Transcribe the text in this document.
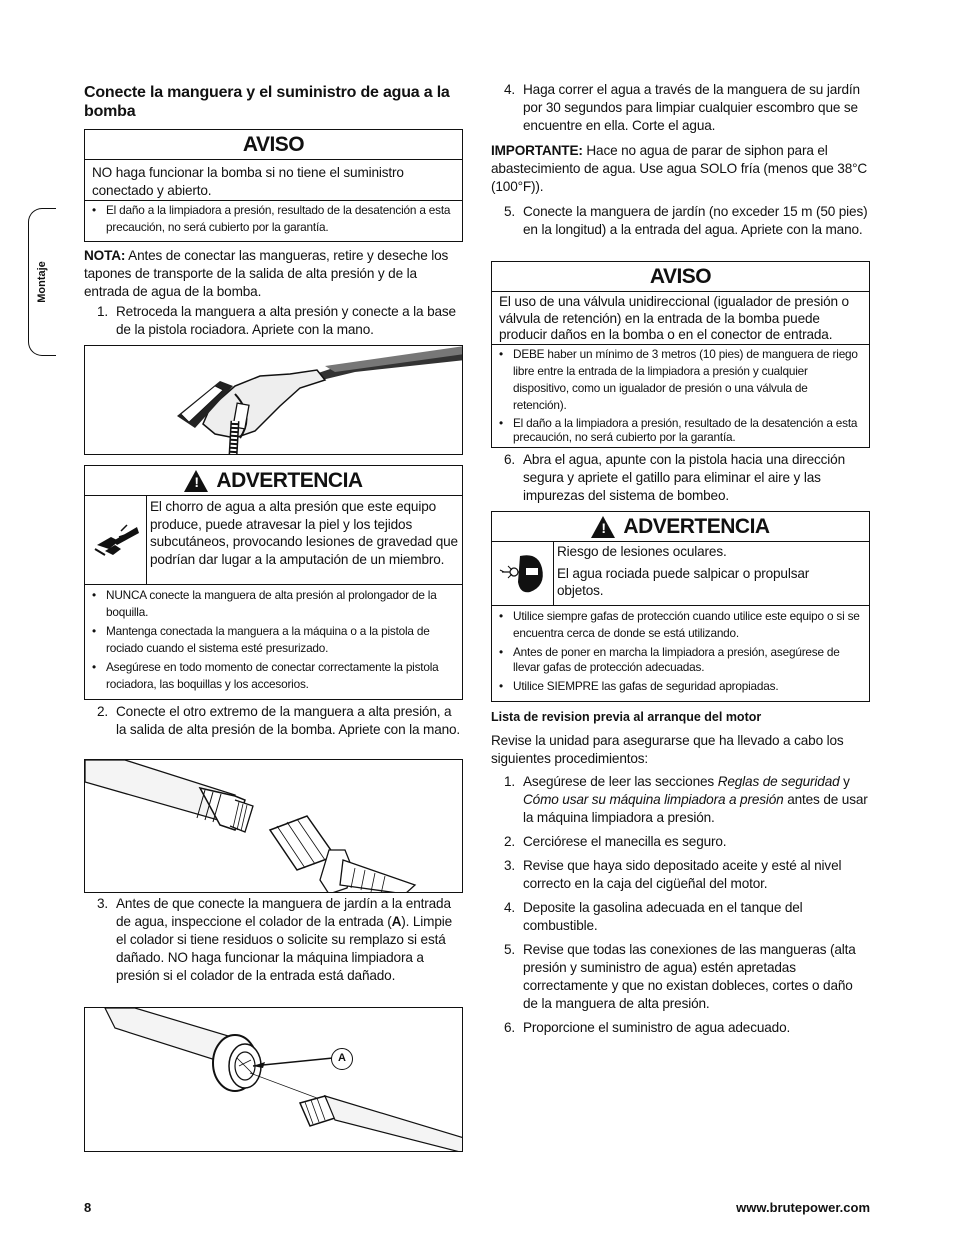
Montaje
Conecte la manguera y el suministro de agua a la bomba
AVISO
NO haga funcionar la bomba si no tiene el suministro conectado y abierto.
• El daño a la limpiadora a presión, resultado de la desatención a esta precaución, no será cubierto por la garantía.
NOTA: Antes de conectar las mangueras, retire y deseche los tapones de transporte de la salida de alta presión y de la entrada de agua de la bomba.
1. Retroceda la manguera a alta presión y conecte a la base de la pistola rociadora. Apriete con la mano.
! ADVERTENCIA
El chorro de agua a alta presión que este equipo produce, puede atravesar la piel y los tejidos subcutáneos, provocando lesiones de gravedad que podrían dar lugar a la amputación de un miembro.
• NUNCA conecte la manguera de alta presión al prolongador de la boquilla.
• Mantenga conectada la manguera a la máquina o a la pistola de rociado cuando el sistema esté presurizado.
• Asegúrese en todo momento de conectar correctamente la pistola rociadora, las boquillas y los accesorios.
2. Conecte el otro extremo de la manguera a alta presión, a la salida de alta presión de la bomba. Apriete con la mano.
3. Antes de que conecte la manguera de jardín a la entrada de agua, inspeccione el colador de la entrada (A). Limpie el colador si tiene residuos o solicite su remplazo si está dañado. NO haga funcionar la máquina limpiadora a presión si el colador de la entrada está dañado.
A
4. Haga correr el agua a través de la manguera de su jardín por 30 segundos para limpiar cualquier escombro que se encuentre en ella. Corte el agua.
IMPORTANTE: Hace no agua de parar de siphon para el abastecimiento de agua. Use agua SOLO fría (menos que 38°C (100°F)).
5. Conecte la manguera de jardín (no exceder 15 m (50 pies) en la longitud) a la entrada del agua. Apriete con la mano.
AVISO
El uso de una válvula unidireccional (igualador de presión o válvula de retención) en la entrada de la bomba puede producir daños en la bomba o en el conector de entrada.
• DEBE haber un mínimo de 3 metros (10 pies) de manguera de riego libre entre la entrada de la limpiadora a presión y cualquier dispositivo, como un igualador de presión o una válvula de retención).
• El daño a la limpiadora a presión, resultado de la desatención a esta precaución, no será cubierto por la garantía.
6. Abra el agua, apunte con la pistola hacia una dirección segura y apriete el gatillo para eliminar el aire y las impurezas del sistema de bombeo.
! ADVERTENCIA
Riesgo de lesiones oculares.
El agua rociada puede salpicar o propulsar objetos.
• Utilice siempre gafas de protección cuando utilice este equipo o si se encuentra cerca de donde se está utilizando.
• Antes de poner en marcha la limpiadora a presión, asegúrese de llevar gafas de protección adecuadas.
• Utilice SIEMPRE las gafas de seguridad apropiadas.
Lista de revision previa al arranque del motor
Revise la unidad para asegurarse que ha llevado a cabo los siguientes procedimientos:
1. Asegúrese de leer las secciones Reglas de seguridad y Cómo usar su máquina limpiadora a presión antes de usar la máquina limpiadora a presión.
2. Cerciórese el manecilla es seguro.
3. Revise que haya sido depositado aceite y esté al nivel correcto en la caja del cigüeñal del motor.
4. Deposite la gasolina adecuada en el tanque del combustible.
5. Revise que todas las conexiones de las mangueras (alta presión y suministro de agua) estén apretadas correctamente y que no existan dobleces, cortes o daño de la manguera de alta presión.
6. Proporcione el suministro de agua adecuado.
8	www.brutepower.com
